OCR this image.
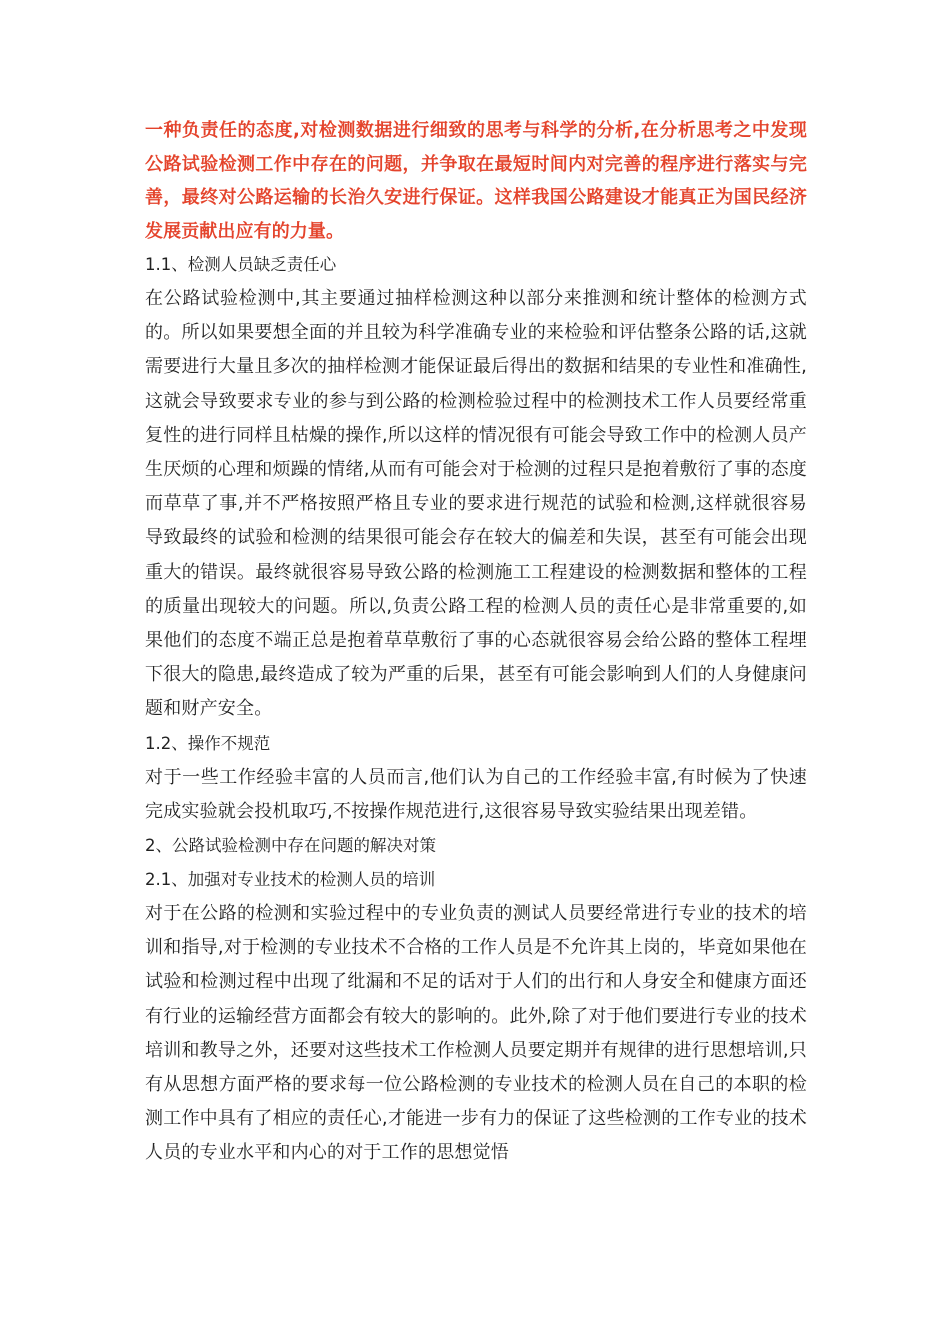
一种负责任的态度,对检测数据进行细致的思考与科学的分析,在分析思考之中发现公路试验检测工作中存在的问题，并争取在最短时间内对完善的程序进行落实与完善，最终对公路运输的长治久安进行保证。这样我国公路建设才能真正为国民经济发展贡献出应有的力量。

1.1、检测人员缺乏责任心

在公路试验检测中,其主要通过抽样检测这种以部分来推测和统计整体的检测方式的。所以如果要想全面的并且较为科学准确专业的来检验和评估整条公路的话,这就需要进行大量且多次的抽样检测才能保证最后得出的数据和结果的专业性和准确性,这就会导致要求专业的参与到公路的检测检验过程中的检测技术工作人员要经常重复性的进行同样且枯燥的操作,所以这样的情况很有可能会导致工作中的检测人员产生厌烦的心理和烦躁的情绪,从而有可能会对于检测的过程只是抱着敷衍了事的态度而草草了事,并不严格按照严格且专业的要求进行规范的试验和检测,这样就很容易导致最终的试验和检测的结果很可能会存在较大的偏差和失误，甚至有可能会出现重大的错误。最终就很容易导致公路的检测施工工程建设的检测数据和整体的工程的质量出现较大的问题。所以,负责公路工程的检测人员的责任心是非常重要的,如果他们的态度不端正总是抱着草草敷衍了事的心态就很容易会给公路的整体工程埋下很大的隐患,最终造成了较为严重的后果，甚至有可能会影响到人们的人身健康问题和财产安全。

1.2、操作不规范

对于一些工作经验丰富的人员而言,他们认为自己的工作经验丰富,有时候为了快速完成实验就会投机取巧,不按操作规范进行,这很容易导致实验结果出现差错。

2、公路试验检测中存在问题的解决对策

2.1、加强对专业技术的检测人员的培训

对于在公路的检测和实验过程中的专业负责的测试人员要经常进行专业的技术的培训和指导,对于检测的专业技术不合格的工作人员是不允许其上岗的，毕竟如果他在试验和检测过程中出现了纰漏和不足的话对于人们的出行和人身安全和健康方面还有行业的运输经营方面都会有较大的影响的。此外,除了对于他们要进行专业的技术培训和教导之外，还要对这些技术工作检测人员要定期并有规律的进行思想培训,只有从思想方面严格的要求每一位公路检测的专业技术的检测人员在自己的本职的检测工作中具有了相应的责任心,才能进一步有力的保证了这些检测的工作专业的技术人员的专业水平和内心的对于工作的思想觉悟
